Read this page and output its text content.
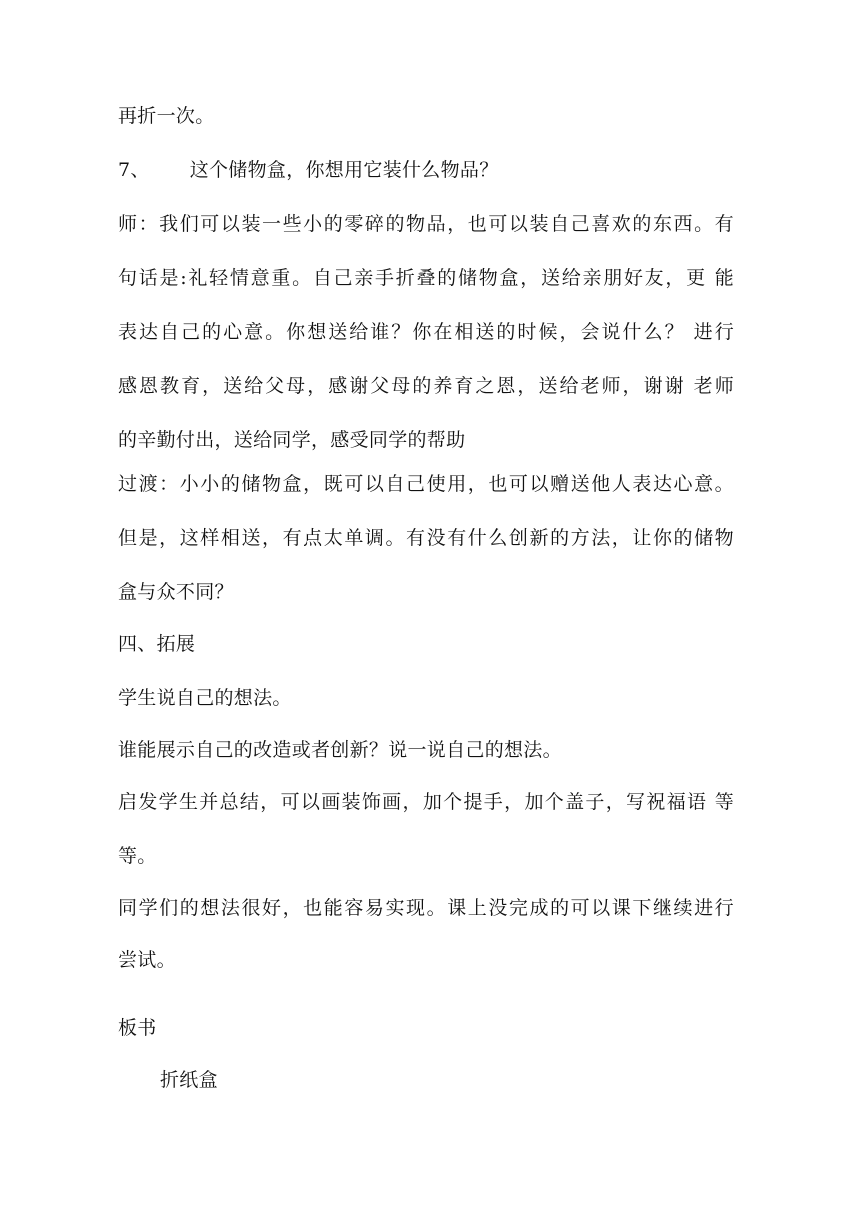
再折一次。
7、 这个储物盒，你想用它装什么物品？
师：我们可以装一些小的零碎的物品，也可以装自己喜欢的东西。有
句话是:礼轻情意重。自己亲手折叠的储物盒，送给亲朋好友，更 能
表达自己的心意。你想送给谁？你在相送的时候，会说什么？ 进行
感恩教育，送给父母，感谢父母的养育之恩，送给老师，谢谢 老师
的辛勤付出，送给同学，感受同学的帮助
过渡：小小的储物盒，既可以自己使用，也可以赠送他人表达心意。
但是，这样相送，有点太单调。有没有什么创新的方法，让你的储物
盒与众不同？
四、拓展
学生说自己的想法。
谁能展示自己的改造或者创新？说一说自己的想法。
启发学生并总结，可以画装饰画，加个提手，加个盖子，写祝福语 等
等。
同学们的想法很好，也能容易实现。课上没完成的可以课下继续进行
尝试。
板书
折纸盒
